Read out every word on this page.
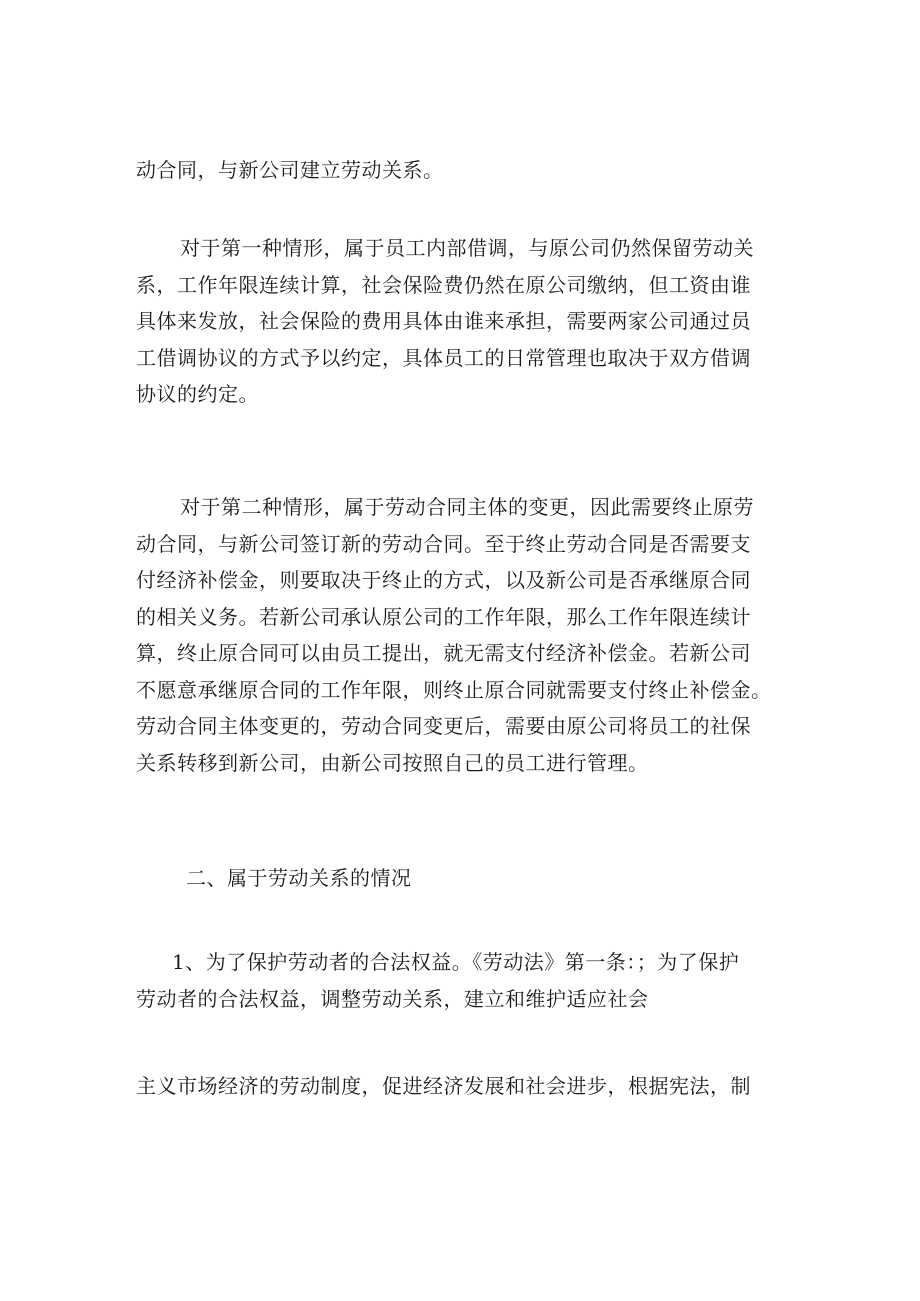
动合同，与新公司建立劳动关系。
对于第一种情形，属于员工内部借调，与原公司仍然保留劳动关
系，工作年限连续计算，社会保险费仍然在原公司缴纳，但工资由谁
具体来发放，社会保险的费用具体由谁来承担，需要两家公司通过员
工借调协议的方式予以约定，具体员工的日常管理也取决于双方借调
协议的约定。
对于第二种情形，属于劳动合同主体的变更，因此需要终止原劳
动合同，与新公司签订新的劳动合同。至于终止劳动合同是否需要支
付经济补偿金，则要取决于终止的方式，以及新公司是否承继原合同
的相关义务。若新公司承认原公司的工作年限，那么工作年限连续计
算，终止原合同可以由员工提出，就无需支付经济补偿金。若新公司
不愿意承继原合同的工作年限，则终止原合同就需要支付终止补偿金。
劳动合同主体变更的，劳动合同变更后，需要由原公司将员工的社保
关系转移到新公司，由新公司按照自己的员工进行管理。
二、属于劳动关系的情况
1、为了保护劳动者的合法权益。《劳动法》第一条：；为了保护
劳动者的合法权益，调整劳动关系，建立和维护适应社会
主义市场经济的劳动制度，促进经济发展和社会进步，根据宪法，制
